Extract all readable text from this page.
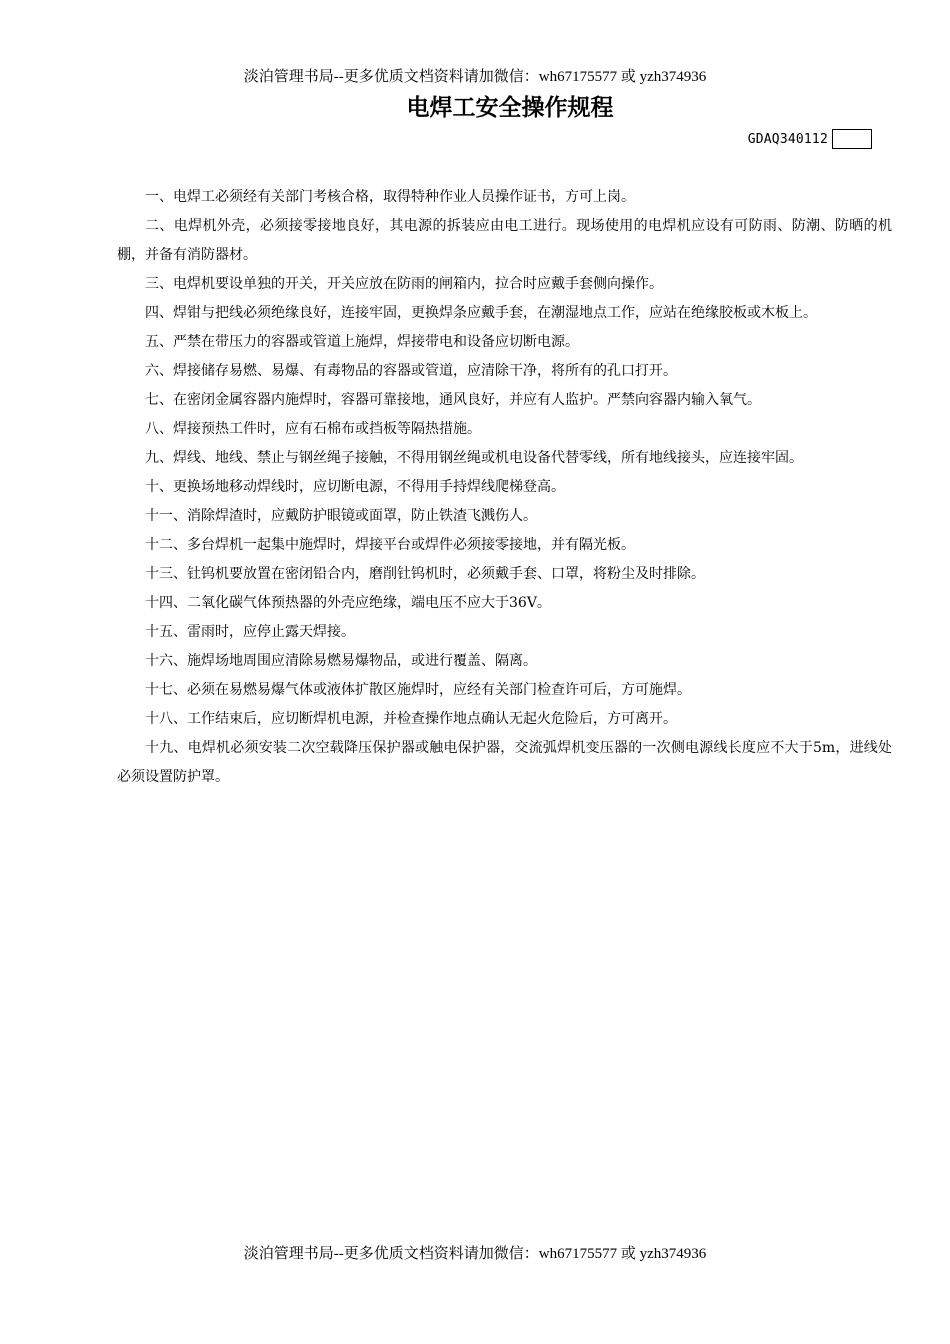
淡泊管理书局--更多优质文档资料请加微信：wh67175577 或 yzh374936
电焊工安全操作规程
GDAQ340112

一、电焊工必须经有关部门考核合格，取得特种作业人员操作证书，方可上岗。

二、电焊机外壳，必须接零接地良好，其电源的拆装应由电工进行。现场使用的电焊机应设有可防雨、防潮、防晒的机棚，并备有消防器材。

三、电焊机要设单独的开关，开关应放在防雨的闸箱内，拉合时应戴手套侧向操作。

四、焊钳与把线必须绝缘良好，连接牢固，更换焊条应戴手套，在潮湿地点工作，应站在绝缘胶板或木板上。

五、严禁在带压力的容器或管道上施焊，焊接带电和设备应切断电源。

六、焊接储存易燃、易爆、有毒物品的容器或管道，应清除干净，将所有的孔口打开。

七、在密闭金属容器内施焊时，容器可靠接地，通风良好，并应有人监护。严禁向容器内输入氧气。

八、焊接预热工件时，应有石棉布或挡板等隔热措施。

九、焊线、地线、禁止与钢丝绳子接触，不得用钢丝绳或机电设备代替零线，所有地线接头，应连接牢固。

十、更换场地移动焊线时，应切断电源，不得用手持焊线爬梯登高。

十一、消除焊渣时，应戴防护眼镜或面罩，防止铁渣飞溅伤人。

十二、多台焊机一起集中施焊时，焊接平台或焊件必须接零接地，并有隔光板。

十三、钍钨机要放置在密闭铅合内，磨削钍钨机时，必须戴手套、口罩，将粉尘及时排除。

十四、二氧化碳气体预热器的外壳应绝缘，端电压不应大于36V。

十五、雷雨时，应停止露天焊接。

十六、施焊场地周围应清除易燃易爆物品，或进行覆盖、隔离。

十七、必须在易燃易爆气体或液体扩散区施焊时，应经有关部门检查许可后，方可施焊。

十八、工作结束后，应切断焊机电源，并检查操作地点确认无起火危险后，方可离开。

十九、电焊机必须安装二次空载降压保护器或触电保护器，交流弧焊机变压器的一次侧电源线长度应不大于5m，进线处必须设置防护罩。

淡泊管理书局--更多优质文档资料请加微信：wh67175577 或 yzh374936
